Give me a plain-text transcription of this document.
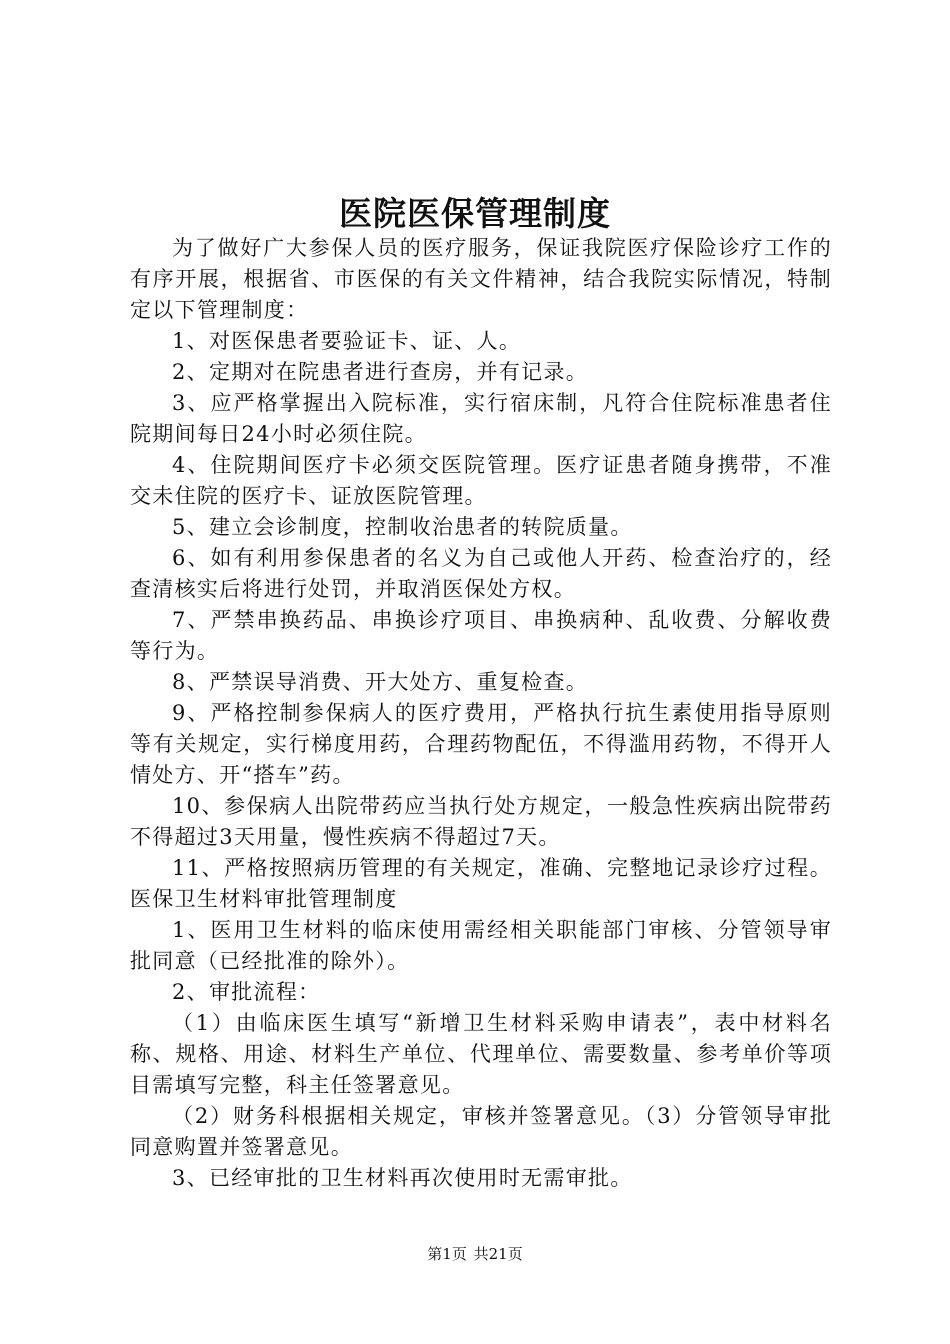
医院医保管理制度

为了做好广大参保人员的医疗服务，保证我院医疗保险诊疗工作的有序开展，根据省、市医保的有关文件精神，结合我院实际情况，特制定以下管理制度：

1、对医保患者要验证卡、证、人。

2、定期对在院患者进行查房，并有记录。

3、应严格掌握出入院标准，实行宿床制，凡符合住院标准患者住院期间每日24小时必须住院。

4、住院期间医疗卡必须交医院管理。医疗证患者随身携带，不准交未住院的医疗卡、证放医院管理。

5、建立会诊制度，控制收治患者的转院质量。

6、如有利用参保患者的名义为自己或他人开药、检查治疗的，经查清核实后将进行处罚，并取消医保处方权。

7、严禁串换药品、串换诊疗项目、串换病种、乱收费、分解收费等行为。

8、严禁误导消费、开大处方、重复检查。

9、严格控制参保病人的医疗费用，严格执行抗生素使用指导原则等有关规定，实行梯度用药，合理药物配伍，不得滥用药物，不得开人情处方、开“搭车”药。

10、参保病人出院带药应当执行处方规定，一般急性疾病出院带药不得超过3天用量，慢性疾病不得超过7天。

11、严格按照病历管理的有关规定，准确、完整地记录诊疗过程。医保卫生材料审批管理制度

1、医用卫生材料的临床使用需经相关职能部门审核、分管领导审批同意（已经批准的除外）。

2、审批流程：

（1）由临床医生填写“新增卫生材料采购申请表”，表中材料名称、规格、用途、材料生产单位、代理单位、需要数量、参考单价等项目需填写完整，科主任签署意见。

（2）财务科根据相关规定，审核并签署意见。（3）分管领导审批同意购置并签署意见。

3、已经审批的卫生材料再次使用时无需审批。

第1页 共21页
